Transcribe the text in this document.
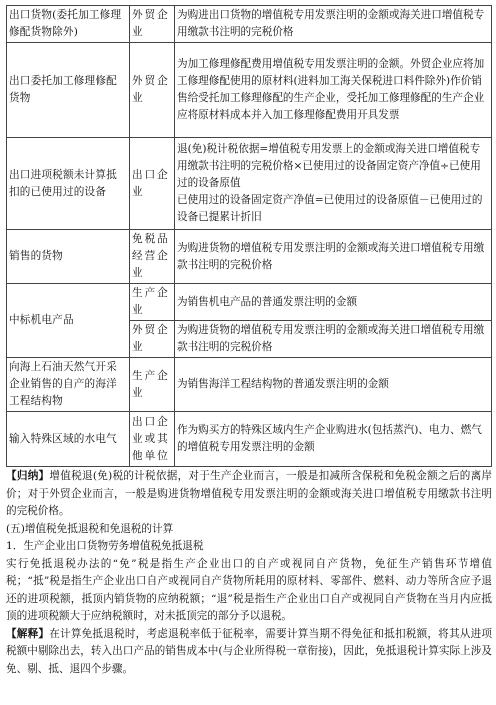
出口货物(委托加工修理修配货物除外)	外贸企业	为购进出口货物的增值税专用发票注明的金额或海关进口增值税专用缴款书注明的完税价格
出口委托加工修理修配货物	外贸企业	为加工修理修配费用增值税专用发票注明的金额。外贸企业应将加工修理修配使用的原材料(进料加工海关保税进口料件除外)作价销售给受托加工修理修配的生产企业，受托加工修理修配的生产企业应将原材料成本并入加工修理修配费用开具发票
出口进项税额未计算抵扣的已使用过的设备	出口企业	退(免)税计税依据=增值税专用发票上的金额或海关进口增值税专用缴款书注明的完税价格×已使用过的设备固定资产净值÷已使用过的设备原值
已使用过的设备固定资产净值=已使用过的设备原值－已使用过的设备已提累计折旧
销售的货物	免税品经营企业	为购进货物的增值税专用发票注明的金额或海关进口增值税专用缴款书注明的完税价格
中标机电产品	生产企业	为销售机电产品的普通发票注明的金额
	外贸企业	为购进货物的增值税专用发票注明的金额或海关进口增值税专用缴款书注明的完税价格
向海上石油天然气开采企业销售的自产的海洋工程结构物	生产企业	为销售海洋工程结构物的普通发票注明的金额
输入特殊区域的水电气	出口企业或其他单位	作为购买方的特殊区域内生产企业购进水(包括蒸汽)、电力、燃气的增值税专用发票注明的金额

【归纳】增值税退(免)税的计税依据，对于生产企业而言，一般是扣减所含保税和免税金额之后的离岸价；对于外贸企业而言，一般是购进货物增值税专用发票注明的金额或海关进口增值税专用缴款书注明的完税价格。

(五)增值税免抵退税和免退税的计算

1．生产企业出口货物劳务增值税免抵退税

实行免抵退税办法的“免”税是指生产企业出口的自产或视同自产货物，免征生产销售环节增值税；“抵”税是指生产企业出口自产或视同自产货物所耗用的原材料、零部件、燃料、动力等所含应予退还的进项税额，抵顶内销货物的应纳税额；“退”税是指生产企业出口自产或视同自产货物在当月内应抵顶的进项税额大于应纳税额时，对未抵顶完的部分予以退税。

【解释】在计算免抵退税时，考虑退税率低于征税率，需要计算当期不得免征和抵扣税额，将其从进项税额中剔除出去，转入出口产品的销售成本中(与企业所得税一章衔接)，因此，免抵退税计算实际上涉及免、剔、抵、退四个步骤。
